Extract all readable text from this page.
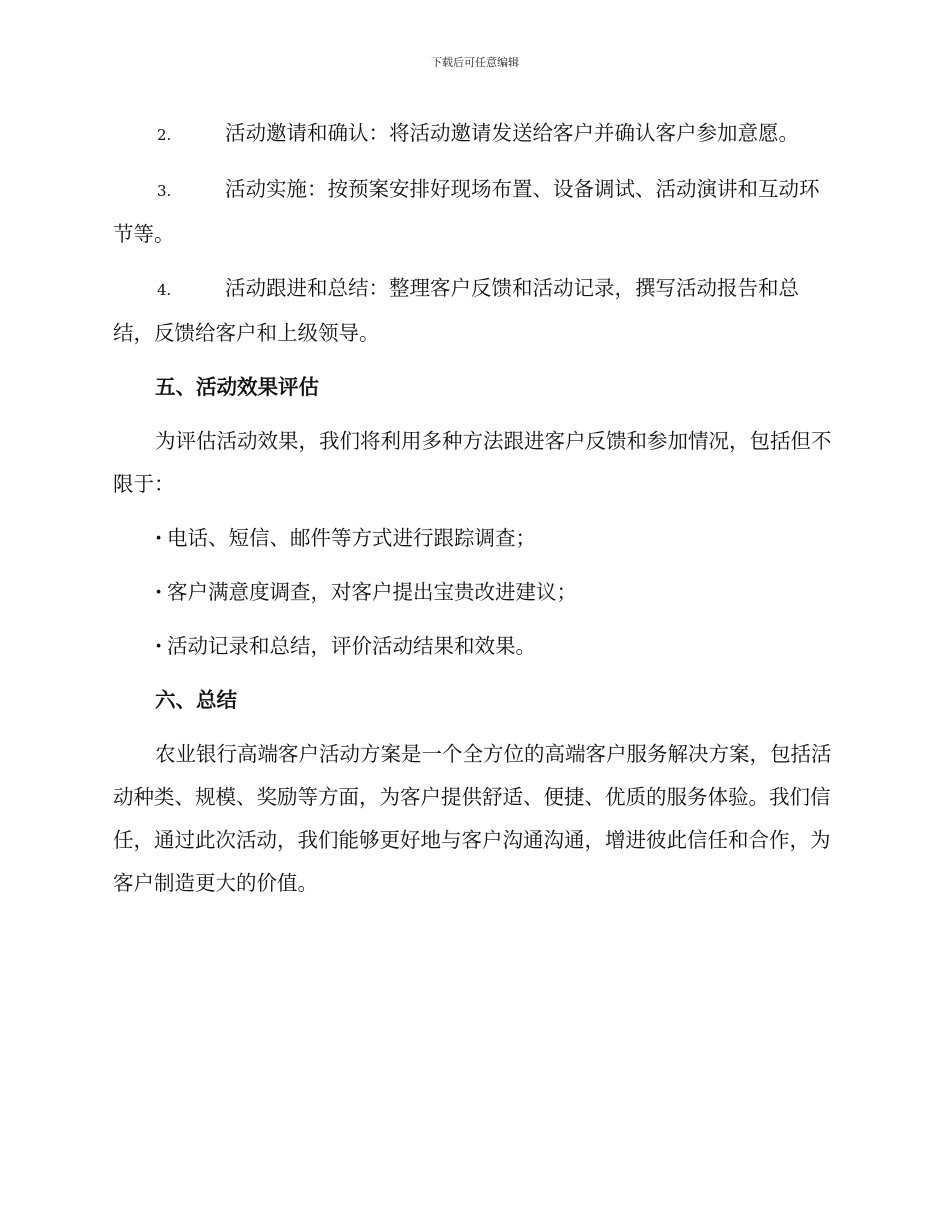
下载后可任意编辑

2.	活动邀请和确认：将活动邀请发送给客户并确认客户参加意愿。

3.	活动实施：按预案安排好现场布置、设备调试、活动演讲和互动环节等。

4.	活动跟进和总结：整理客户反馈和活动记录，撰写活动报告和总结，反馈给客户和上级领导。

五、活动效果评估

为评估活动效果，我们将利用多种方法跟进客户反馈和参加情况，包括但不限于：

· 电话、短信、邮件等方式进行跟踪调查；

· 客户满意度调查，对客户提出宝贵改进建议；

· 活动记录和总结，评价活动结果和效果。

六、总结

农业银行高端客户活动方案是一个全方位的高端客户服务解决方案，包括活动种类、规模、奖励等方面，为客户提供舒适、便捷、优质的服务体验。我们信任，通过此次活动，我们能够更好地与客户沟通沟通，增进彼此信任和合作，为客户制造更大的价值。
